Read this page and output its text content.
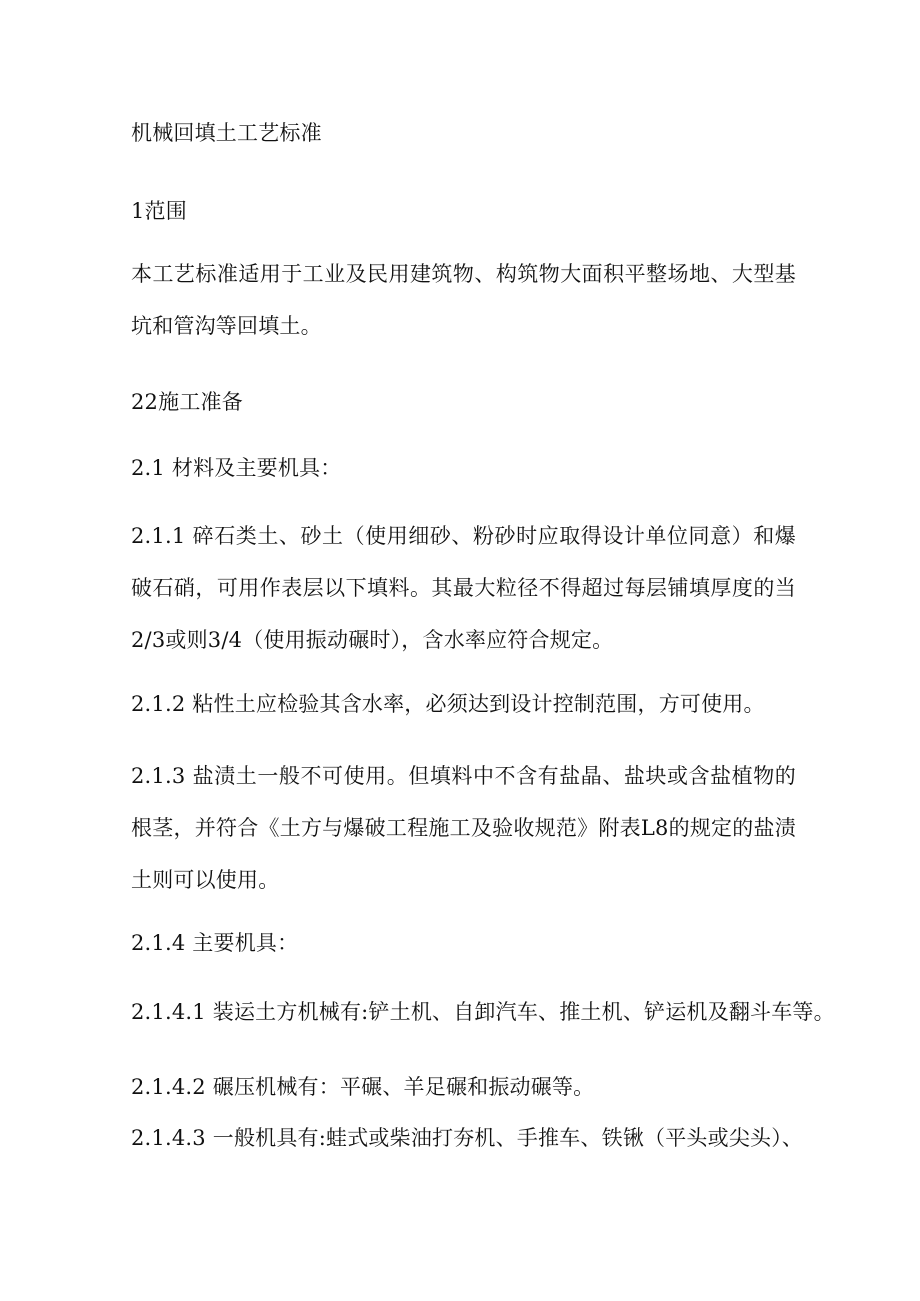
机械回填土工艺标准

1范围

本工艺标准适用于工业及民用建筑物、构筑物大面积平整场地、大型基坑和管沟等回填土。

22施工准备

2.1 材料及主要机具：

2.1.1 碎石类土、砂土（使用细砂、粉砂时应取得设计单位同意）和爆破石硝，可用作表层以下填料。其最大粒径不得超过每层铺填厚度的当2/3或则3/4（使用振动碾时），含水率应符合规定。

2.1.2 粘性土应检验其含水率，必须达到设计控制范围，方可使用。

2.1.3 盐渍土一般不可使用。但填料中不含有盐晶、盐块或含盐植物的根茎，并符合《土方与爆破工程施工及验收规范》附表L8的规定的盐渍土则可以使用。

2.1.4 主要机具：

2.1.4.1 装运土方机械有:铲土机、自卸汽车、推土机、铲运机及翻斗车等。

2.1.4.2 碾压机械有：平碾、羊足碾和振动碾等。

2.1.4.3 一般机具有:蛙式或柴油打夯机、手推车、铁锹（平头或尖头）、
